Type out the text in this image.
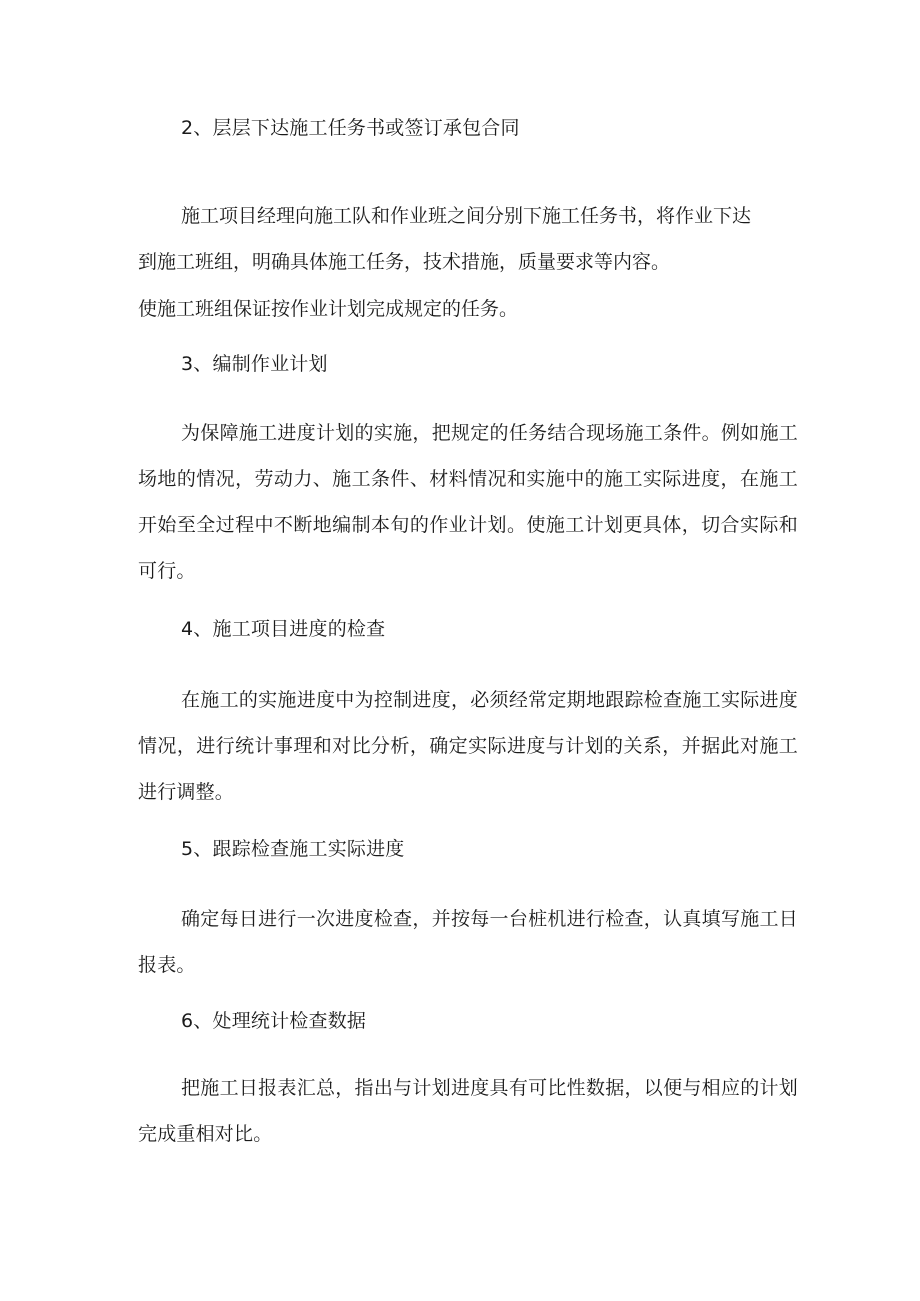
2、层层下达施工任务书或签订承包合同

施工项目经理向施工队和作业班之间分别下施工任务书，将作业下达

到施工班组，明确具体施工任务，技术措施，质量要求等内容。

使施工班组保证按作业计划完成规定的任务。

3、编制作业计划

为保障施工进度计划的实施，把规定的任务结合现场施工条件。例如施工场地的情况，劳动力、施工条件、材料情况和实施中的施工实际进度，在施工开始至全过程中不断地编制本旬的作业计划。使施工计划更具体，切合实际和可行。

4、施工项目进度的检查

在施工的实施进度中为控制进度，必须经常定期地跟踪检查施工实际进度情况，进行统计事理和对比分析，确定实际进度与计划的关系，并据此对施工进行调整。

5、跟踪检查施工实际进度

确定每日进行一次进度检查，并按每一台桩机进行检查，认真填写施工日报表。

6、处理统计检查数据

把施工日报表汇总，指出与计划进度具有可比性数据，以便与相应的计划完成重相对比。
